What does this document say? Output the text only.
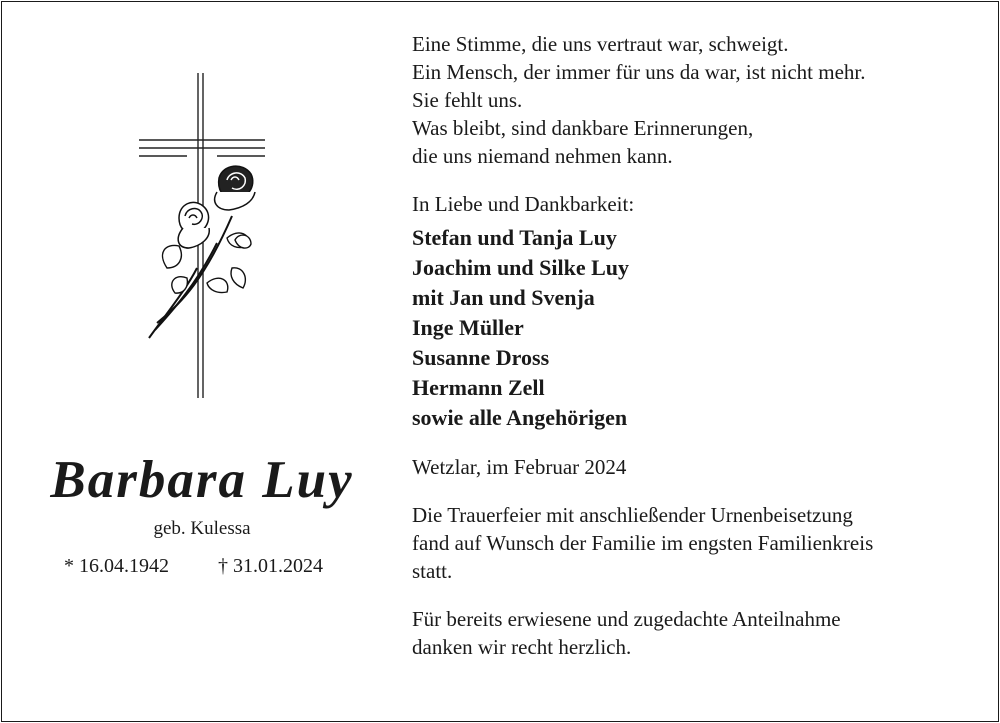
Barbara Luy
geb. Kulessa
* 16.04.1942 † 31.01.2024

Eine Stimme, die uns vertraut war, schweigt.

Ein Mensch, der immer für uns da war, ist nicht mehr.

Sie fehlt uns.

Was bleibt, sind dankbare Erinnerungen,

die uns niemand nehmen kann.

In Liebe und Dankbarkeit:

Stefan und Tanja Luy

Joachim und Silke Luy

mit Jan und Svenja

Inge Müller

Susanne Dross

Hermann Zell

sowie alle Angehörigen

Wetzlar, im Februar 2024

Die Trauerfeier mit anschließender Urnenbeisetzung

fand auf Wunsch der Familie im engsten Familienkreis

statt.

Für bereits erwiesene und zugedachte Anteilnahme

danken wir recht herzlich.
